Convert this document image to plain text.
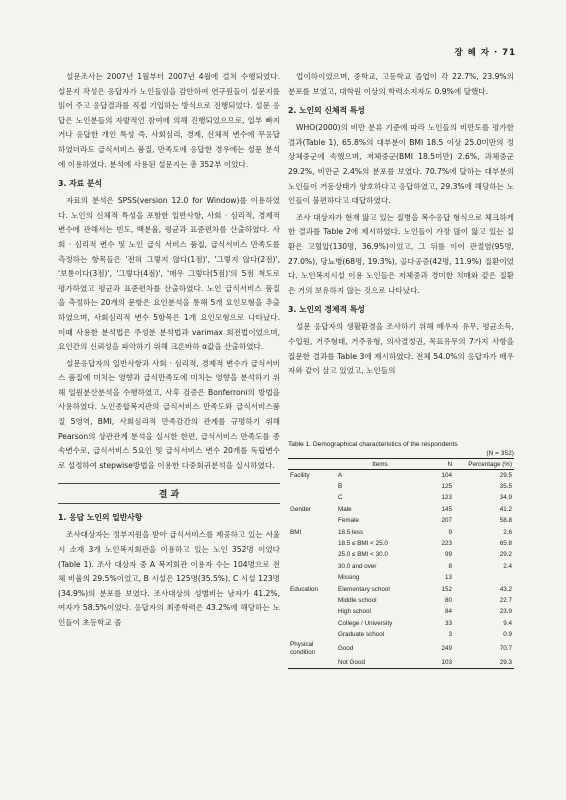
장 혜 자 · 71

설문조사는 2007년 1월부터 2007년 4월에 걸쳐 수행되었다. 설문지 작성은 응답자가 노인들임을 감안하여 연구원들이 설문지를 읽어 주고 응답결과를 직접 기입하는 방식으로 진행되었다. 설문 응답은 노인분들의 자발적인 참여에 의해 진행되었으므로, 일부 빠지거나 응답한 개인 특성 즉, 사회심리, 경제, 신체적 변수에 무응답 하였더라도 급식서비스 품질, 만족도에 응답한 경우에는 설문 분석에 이용하였다. 분석에 사용된 설문지는 총 352부 이었다.

3. 자료 분석

자료의 분석은 SPSS(version 12.0 for Window)를 이용하였다. 노인의 신체적 특성을 포함한 일반사항, 사회 · 심리적, 경제적 변수에 관해서는 빈도, 백분율, 평균과 표준편차를 산출하였다. 사회 · 심리적 변수 및 노인 급식 서비스 품질, 급식서비스 만족도를 측정하는 항목들은 '전혀 그렇지 않다(1점)', '그렇지 않다(2점)', '보통이다(3점)', '그렇다(4점)', '매우 그렇다(5점)'의 5점 척도로 평가하였고 평균과 표준편차를 산출하였다. 노인 급식서비스 품질을 측정하는 20개의 문항은 요인분석을 통해 5개 요인모형을 추출하였으며, 사회심리적 변수 5항목은 1개 요인모형으로 나타났다. 이때 사용한 분석법은 주성분 분석법과 varimax 회전법이었으며, 요인간의 신뢰성을 파악하기 위해 크론바하 α값을 산출하였다.

설문응답자의 일반사항과 사회 · 심리적, 경제적 변수가 급식서비스 품질에 미치는 영향과 급식만족도에 미치는 영향을 분석하기 위해 일원분산분석을 수행하였고, 사후 검증은 Bonferroni의 방법을 사용하였다. 노인종합복지관의 급식서비스 만족도와 급식서비스품질 5영역, BMI, 사회심리적 만족감간의 관계를 규명하기 위해 Pearson의 상관관계 분석을 실시한 한편, 급식서비스 만족도를 종속변수로, 급식서비스 5요인 및 급식서비스 변수 20개를 독립변수로 설정하여 stepwise방법을 이용한 다중회귀분석을 실시하였다.

결 과
1. 응답 노인의 일반사항

조사대상자는 정부지원을 받아 급식서비스를 제공하고 있는 서울시 소재 3개 노인복지회관을 이용하고 있는 노인 352명 이었다(Table 1). 조사 대상자 중 A 복지회관 이용자 수는 104명으로 전체 비율의 29.5%이었고, B 시설은 125명(35.5%), C 시설 123명(34.9%)의 분포를 보였다. 조사대상의 성별비는 남자가 41.2%, 여자가 58.5%이었다. 응답자의 최종학력은 43.2%에 해당하는 노인들이 초등학교 졸

업이하이었으며, 중학교, 고등학교 졸업이 각 22.7%, 23.9%의 분포를 보였고, 대학원 이상의 학력소지자도 0.9%에 달했다.

2. 노인의 신체적 특성

WHO(2000)의 비만 분류 기준에 따라 노인들의 비만도를 평가한 결과(Table 1), 65.8%의 대부분이 BMI 18.5 이상 25.0미만의 정상체중군에 속했으며, 저체중군(BMI 18.5미만) 2.6%, 과체중군 29.2%, 비만군 2.4%의 분포를 보였다. 70.7%에 달하는 대부분의 노인들이 거동상태가 양호하다고 응답하였고, 29.3%에 해당하는 노인들이 불편하다고 대답하였다.

조사 대상자가 현재 앓고 있는 질병을 복수응답 형식으로 체크하게 한 결과를 Table 2에 제시하였다. 노인들이 가장 많이 앓고 있는 질환은 고혈압(130명, 36.9%)이었고, 그 뒤를 이어 관절염(95명, 27.0%), 당뇨병(68명, 19.3%), 골다공증(42명, 11.9%) 질환이었다. 노인복지시설 이용 노인들은 저체중과 경미한 치매와 같은 질환은 거의 보유하지 않는 것으로 나타났다.

3. 노인의 경제적 특성

설문 응답자의 생활환경을 조사하기 위해 배우자 유무, 평균소득, 수입원, 거주형태, 거주유형, 의사결정권, 목표유무의 7가지 사항을 질문한 결과를 Table 3에 제시하였다. 전체 54.0%의 응답자가 배우자와 같이 살고 있었고, 노인들의

Table 1. Demographical characteristics of the respondents
(N = 352)
	Items	N	Percentage (%)
Facility	A	104	29.5
	B	125	35.5
	C	123	34.9
Gender	Male	145	41.2
	Female	207	58.8
BMI	18.5 less	9	2.6
	18.5 ≤ BMI < 25.0	223	65.8
	25.0 ≤ BMI < 30.0	99	29.2
	30.0 and over	8	2.4
	Missing	13	
Education	Elementary school	152	43.2
	Middle school	80	22.7
	High school	84	23.9
	College / University	33	9.4
	Graduate school	3	0.9
Physical condition	Good	249	70.7
	Not Good	103	29.3
